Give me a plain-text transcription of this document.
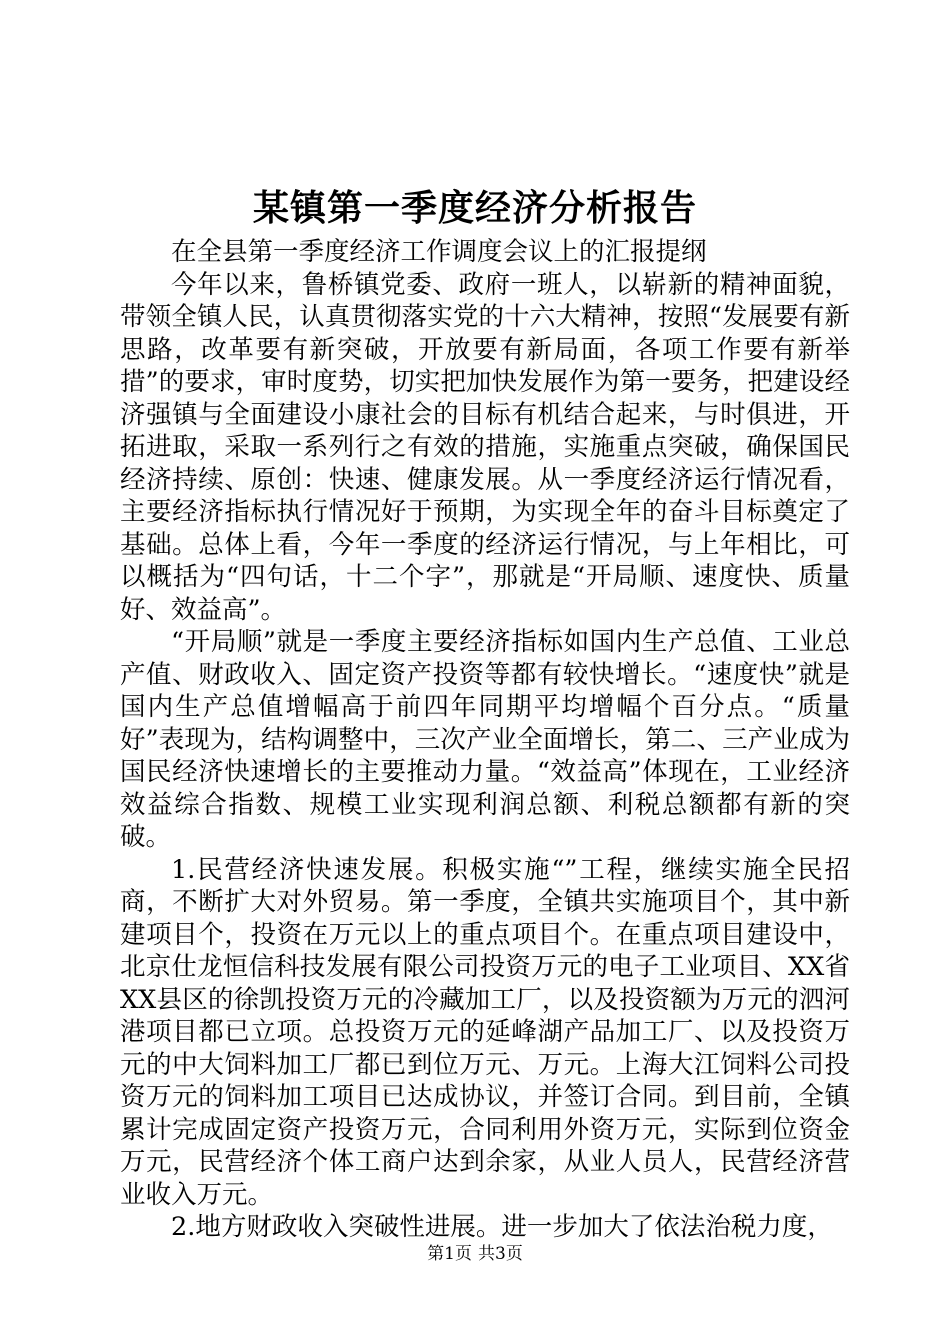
某镇第一季度经济分析报告

在全县第一季度经济工作调度会议上的汇报提纲

今年以来，鲁桥镇党委、政府一班人，以崭新的精神面貌，带领全镇人民，认真贯彻落实党的十六大精神，按照“发展要有新思路，改革要有新突破，开放要有新局面，各项工作要有新举措”的要求，审时度势，切实把加快发展作为第一要务，把建设经济强镇与全面建设小康社会的目标有机结合起来，与时俱进，开拓进取，采取一系列行之有效的措施，实施重点突破，确保国民经济持续、原创：快速、健康发展。从一季度经济运行情况看，主要经济指标执行情况好于预期，为实现全年的奋斗目标奠定了基础。总体上看，今年一季度的经济运行情况，与上年相比，可以概括为“四句话，十二个字”，那就是“开局顺、速度快、质量好、效益高”。

“开局顺”就是一季度主要经济指标如国内生产总值、工业总产值、财政收入、固定资产投资等都有较快增长。“速度快”就是国内生产总值增幅高于前四年同期平均增幅个百分点。“质量好”表现为，结构调整中，三次产业全面增长，第二、三产业成为国民经济快速增长的主要推动力量。“效益高”体现在，工业经济效益综合指数、规模工业实现利润总额、利税总额都有新的突破。

1.民营经济快速发展。积极实施“”工程，继续实施全民招商，不断扩大对外贸易。第一季度，全镇共实施项目个，其中新建项目个，投资在万元以上的重点项目个。在重点项目建设中，北京仕龙恒信科技发展有限公司投资万元的电子工业项目、XX省XX县区的徐凯投资万元的冷藏加工厂，以及投资额为万元的泗河港项目都已立项。总投资万元的延峰湖产品加工厂、以及投资万元的中大饲料加工厂都已到位万元、万元。上海大江饲料公司投资万元的饲料加工项目已达成协议，并签订合同。到目前，全镇累计完成固定资产投资万元，合同利用外资万元，实际到位资金万元，民营经济个体工商户达到余家，从业人员人，民营经济营业收入万元。

2.地方财政收入突破性进展。进一步加大了依法治税力度，

第1页 共3页
